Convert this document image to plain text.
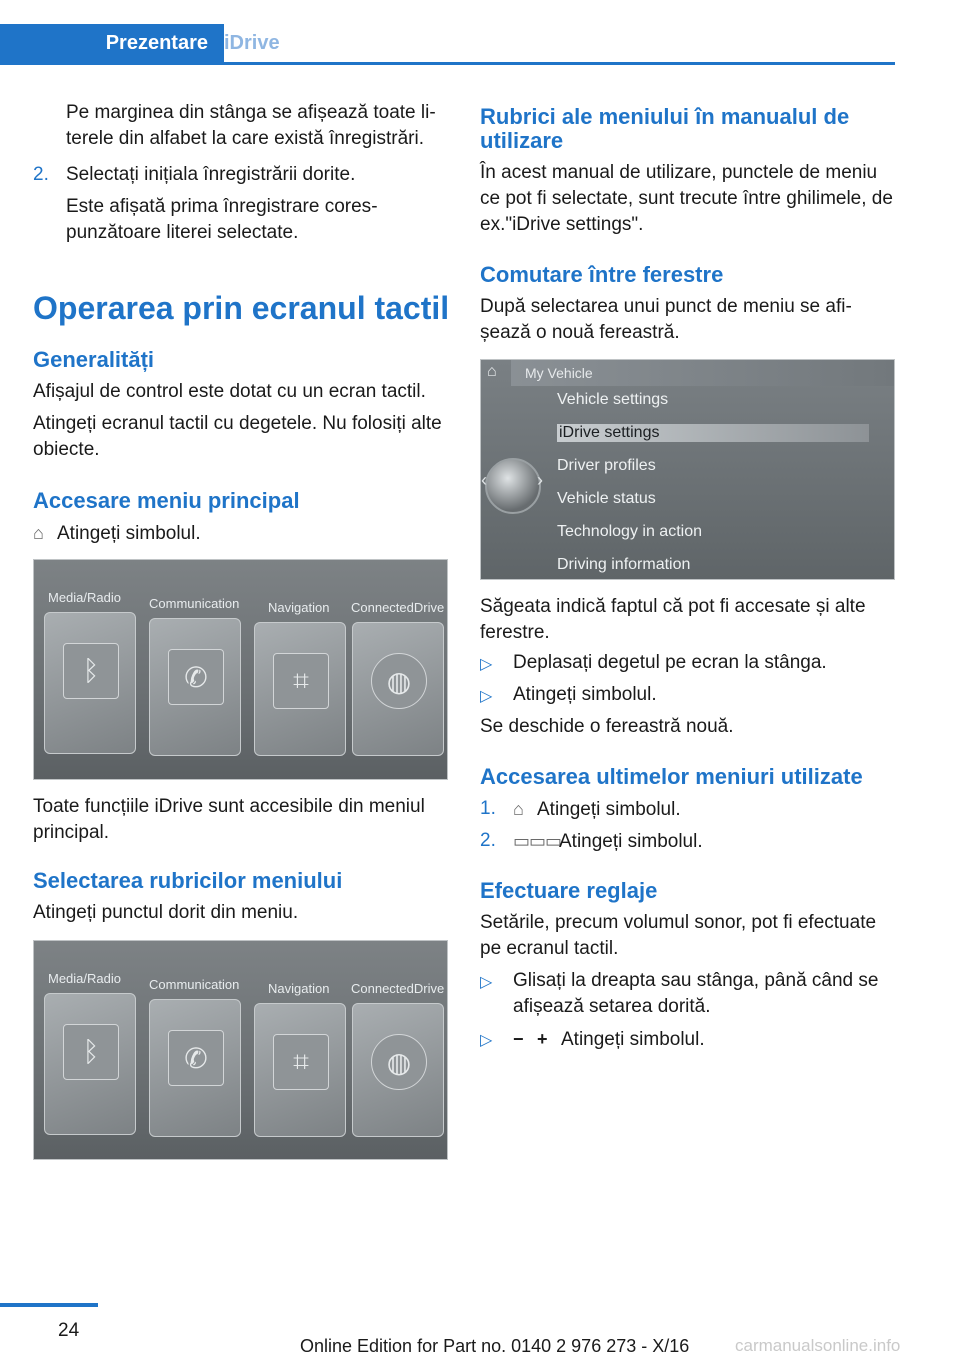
Prezentare iDrive

Pe marginea din stânga se afișează toate literele din alfabet la care există înregistrări.

2. Selectați inițiala înregistrării dorite.

Este afișată prima înregistrare corespunzătoare literei selectate.

Operarea prin ecranul tactil
Generalități

Afișajul de control este dotat cu un ecran tactil.

Atingeți ecranul tactil cu degetele. Nu folosiți alte obiecte.

Accesare meniu principal

⌂ Atingeți simbolul.

Media/Radio Communication Navigation ConnectedDrive
ᛒ	✆	⌗	◍

Toate funcțiile iDrive sunt accesibile din meniul principal.

Selectarea rubricilor meniului

Atingeți punctul dorit din meniu.

Media/Radio Communication Navigation ConnectedDrive
ᛒ	✆	⌗	◍
Rubrici ale meniului în manualul de utilizare

În acest manual de utilizare, punctele de meniu ce pot fi selectate, sunt trecute între ghilimele, de ex."iDrive settings".

Comutare între ferestre

După selectarea unui punct de meniu se afișează o nouă fereastră.

⌂	My Vehicle
Vehicle settings
iDrive settings
Driver profiles
Vehicle status
Technology in action
Driving information
‹	›

Săgeata indică faptul că pot fi accesate și alte ferestre.

▷ Deplasați degetul pe ecran la stânga.

▷ Atingeți simbolul.

Se deschide o fereastră nouă.

Accesarea ultimelor meniuri utilizate
1. ⌂ Atingeți simbolul.

2. ▭▭▭Atingeți simbolul.

Efectuare reglaje

Setările, precum volumul sonor, pot fi efectuate pe ecranul tactil.

▷ Glisați la dreapta sau stânga, până când se afișează setarea dorită.

▷ − + Atingeți simbolul.

24
Online Edition for Part no. 0140 2 976 273 - X/16	carmanualsonline.info
